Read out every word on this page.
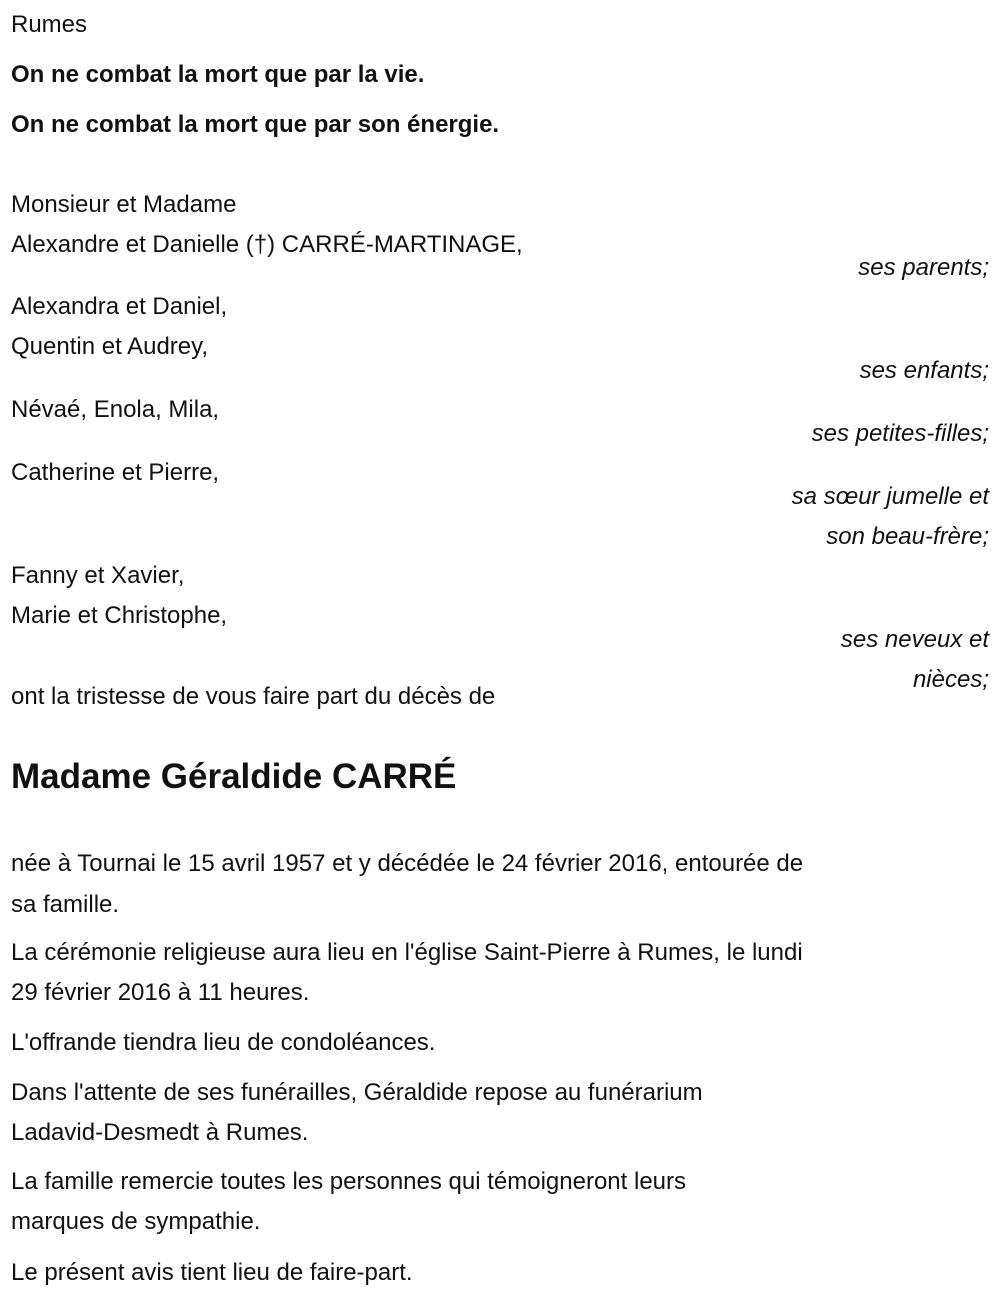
Rumes
On ne combat la mort que par la vie.
On ne combat la mort que par son énergie.
Monsieur et Madame
Alexandre et Danielle (†) CARRÉ-MARTINAGE,
ses parents;
Alexandra et Daniel,
Quentin et Audrey,
ses enfants;
Névaé, Enola, Mila,
ses petites-filles;
Catherine et Pierre,
sa sœur jumelle et
son beau-frère;
Fanny et Xavier,
Marie et Christophe,
ses neveux et
nièces;
ont la tristesse de vous faire part du décès de
Madame Géraldide CARRÉ
née à Tournai le 15 avril 1957 et y décédée le 24 février 2016, entourée de
sa famille.
La cérémonie religieuse aura lieu en l'église Saint-Pierre à Rumes, le lundi
29 février 2016 à 11 heures.
L'offrande tiendra lieu de condoléances.
Dans l'attente de ses funérailles, Géraldide repose au funérarium
Ladavid-Desmedt à Rumes.
La famille remercie toutes les personnes qui témoigneront leurs
marques de sympathie.
Le présent avis tient lieu de faire-part.
